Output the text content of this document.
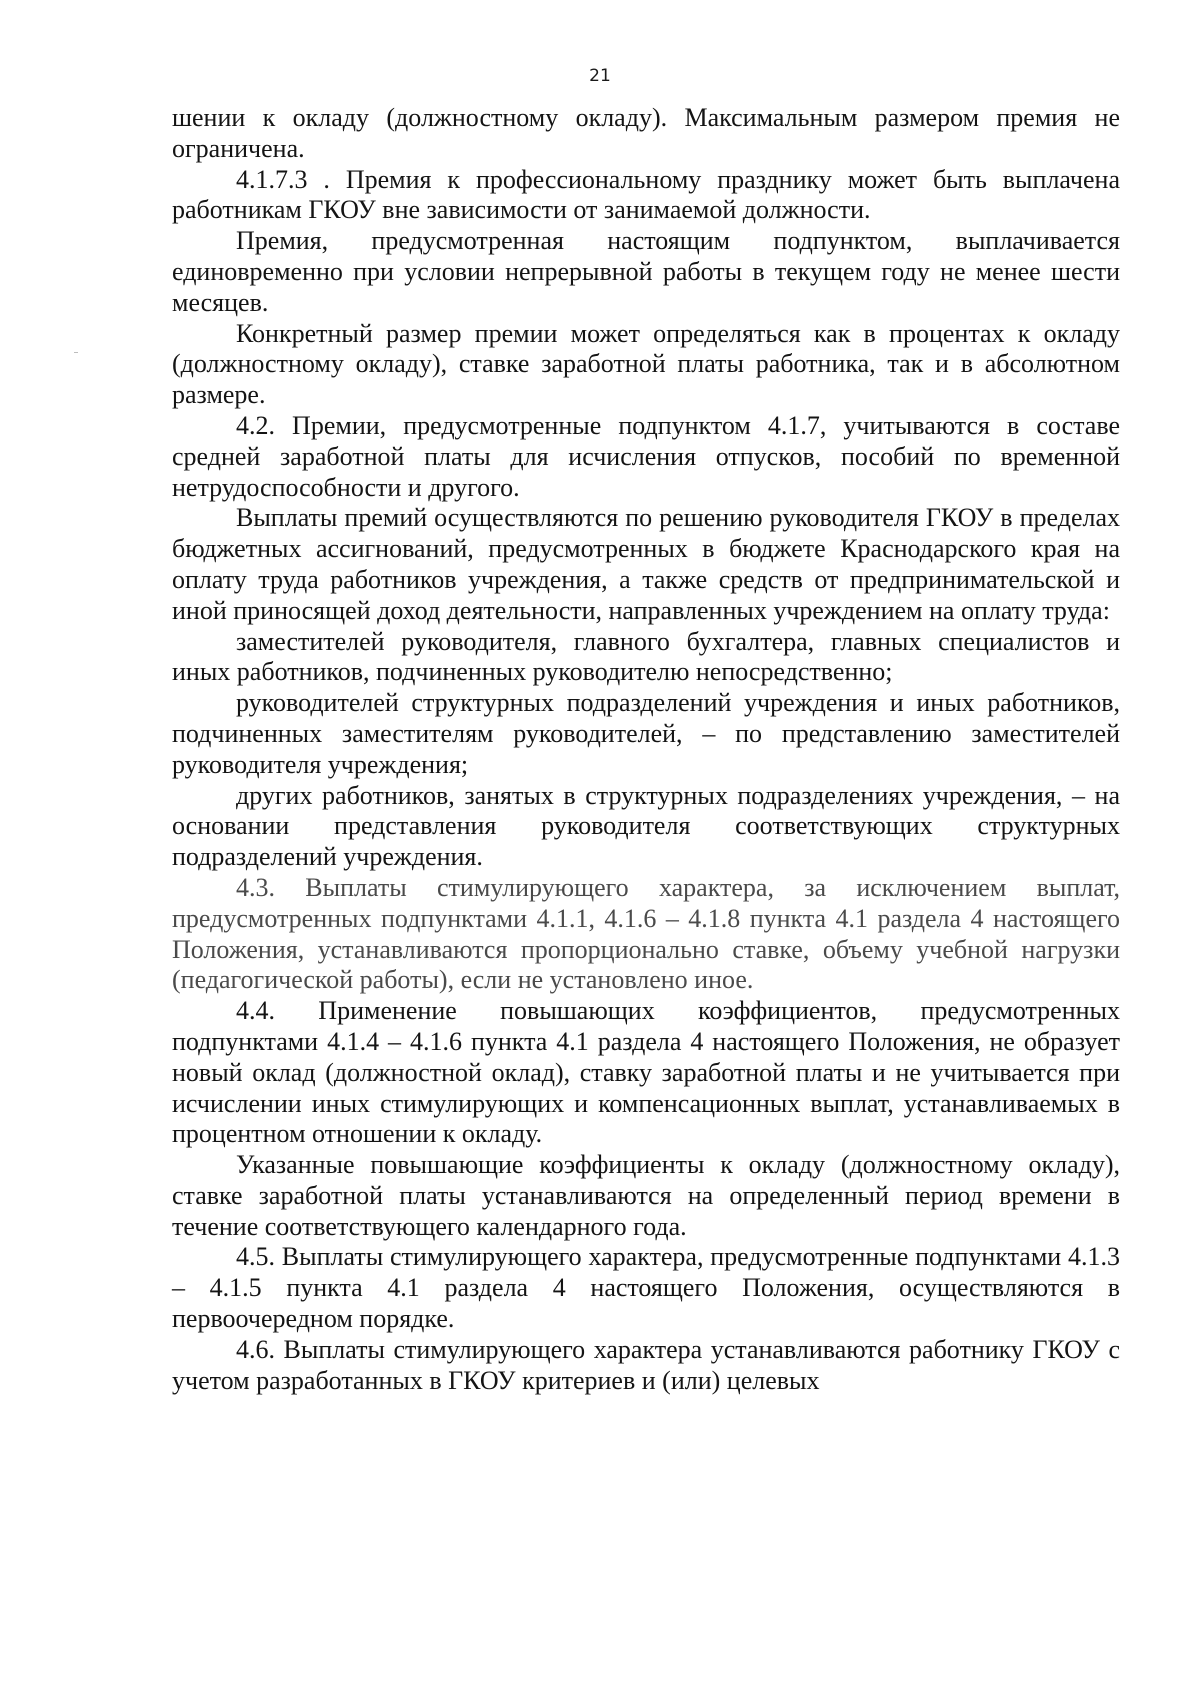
21

шении к окладу (должностному окладу). Максимальным размером премия не ограничена.

4.1.7.3 . Премия к профессиональному празднику может быть выплачена работникам ГКОУ вне зависимости от занимаемой должности.

Премия, предусмотренная настоящим подпунктом, выплачивается единовременно при условии непрерывной работы в текущем году не менее шести месяцев.

Конкретный размер премии может определяться как в процентах к окладу (должностному окладу), ставке заработной платы работника, так и в абсолютном размере.

4.2. Премии, предусмотренные подпунктом 4.1.7, учитываются в составе средней заработной платы для исчисления отпусков, пособий по временной нетрудоспособности и другого.

Выплаты премий осуществляются по решению руководителя ГКОУ в пределах бюджетных ассигнований, предусмотренных в бюджете Краснодарского края на оплату труда работников учреждения, а также средств от предпринимательской и иной приносящей доход деятельности, направленных учреждением на оплату труда:

заместителей руководителя, главного бухгалтера, главных специалистов и иных работников, подчиненных руководителю непосредственно;

руководителей структурных подразделений учреждения и иных работников, подчиненных заместителям руководителей, – по представлению заместителей руководителя учреждения;

других работников, занятых в структурных подразделениях учреждения, – на основании представления руководителя соответствующих структурных подразделений учреждения.

4.3. Выплаты стимулирующего характера, за исключением выплат, предусмотренных подпунктами 4.1.1, 4.1.6 – 4.1.8 пункта 4.1 раздела 4 настоящего Положения, устанавливаются пропорционально ставке, объему учебной нагрузки (педагогической работы), если не установлено иное.

4.4. Применение повышающих коэффициентов, предусмотренных подпунктами 4.1.4 – 4.1.6 пункта 4.1 раздела 4 настоящего Положения, не образует новый оклад (должностной оклад), ставку заработной платы и не учитывается при исчислении иных стимулирующих и компенсационных выплат, устанавливаемых в процентном отношении к окладу.

Указанные повышающие коэффициенты к окладу (должностному окладу), ставке заработной платы устанавливаются на определенный период времени в течение соответствующего календарного года.

4.5. Выплаты стимулирующего характера, предусмотренные подпунктами 4.1.3 – 4.1.5 пункта 4.1 раздела 4 настоящего Положения, осуществляются в первоочередном порядке.

4.6. Выплаты стимулирующего характера устанавливаются работнику ГКОУ с учетом разработанных в ГКОУ критериев и (или) целевых
